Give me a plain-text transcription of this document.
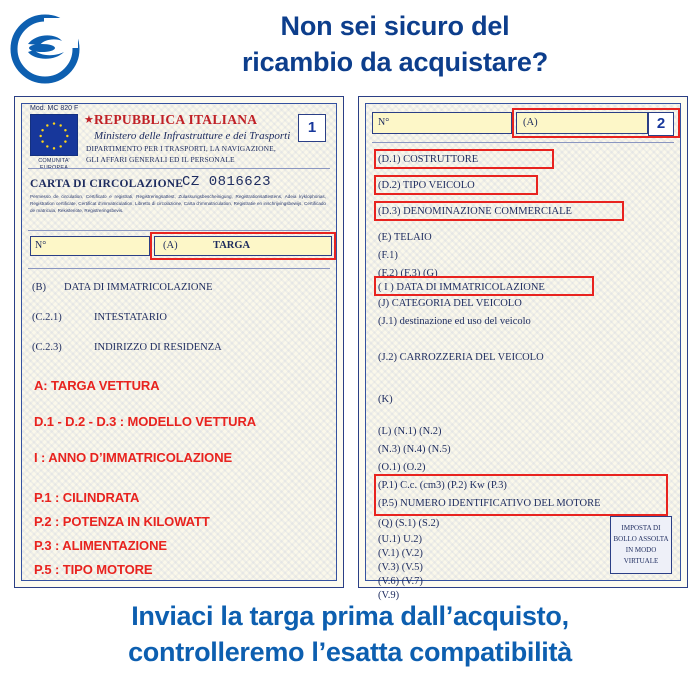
Non sei sicuro del
ricambio da acquistare?
Mod. MC 820 F
COMUNITA’ EUROPEA
★ REPUBBLICA ITALIANA
Ministero delle Infrastrutture e dei Trasporti
DIPARTIMENTO PER I TRASPORTI, LA NAVIGAZIONE,
GLI AFFARI GENERALI ED IL PERSONALE
1
CARTA DI CIRCOLAZIONE
CZ 0816623
Permesso de circulation, Certificato e registrati, Registreringsattest, Zulassungsbescheinigung, Registrationsattestens, Adeia kyklophorias, Registration certificate, Certificat d’immatriculation, Libretto di circolazione, Carta d’immatriculation, Registratie en inschrijvingsbewijs, Certificado de matricula, Rekisteriote, Registreringsbevis.
N°	(A)	TARGA
(B) DATA DI IMMATRICOLAZIONE
(C.2.1)	INTESTATARIO
(C.2.3)	INDIRIZZO DI RESIDENZA
A: TARGA VETTURA
D.1 - D.2 - D.3 : MODELLO VETTURA
I : ANNO D’IMMATRICOLAZIONE
P.1 : CILINDRATA
P.2 : POTENZA IN KILOWATT
P.3 : ALIMENTAZIONE
P.5 : TIPO MOTORE
N°	(A)	2
(D.1) COSTRUTTORE
(D.2) TIPO VEICOLO
(D.3) DENOMINAZIONE COMMERCIALE
(E) TELAIO
(F.1)
(F.2) (F.3) (G)
( I ) DATA DI IMMATRICOLAZIONE
(J) CATEGORIA DEL VEICOLO
(J.1) destinazione ed uso del veicolo
(J.2) CARROZZERIA DEL VEICOLO
(K)
(L) (N.1) (N.2)
(N.3) (N.4) (N.5)
(O.1) (O.2)
(P.1) C.c. (cm3) (P.2) Kw (P.3)
(P.5) NUMERO IDENTIFICATIVO DEL MOTORE
(Q) (S.1) (S.2)
(U.1) U.2)
(V.1) (V.2)
(V.3) (V.5)
(V.6) (V.7)
(V.9)
IMPOSTA DI BOLLO ASSOLTA IN MODO VIRTUALE
Inviaci la targa prima dall’acquisto,
controlleremo l’esatta compatibilità
